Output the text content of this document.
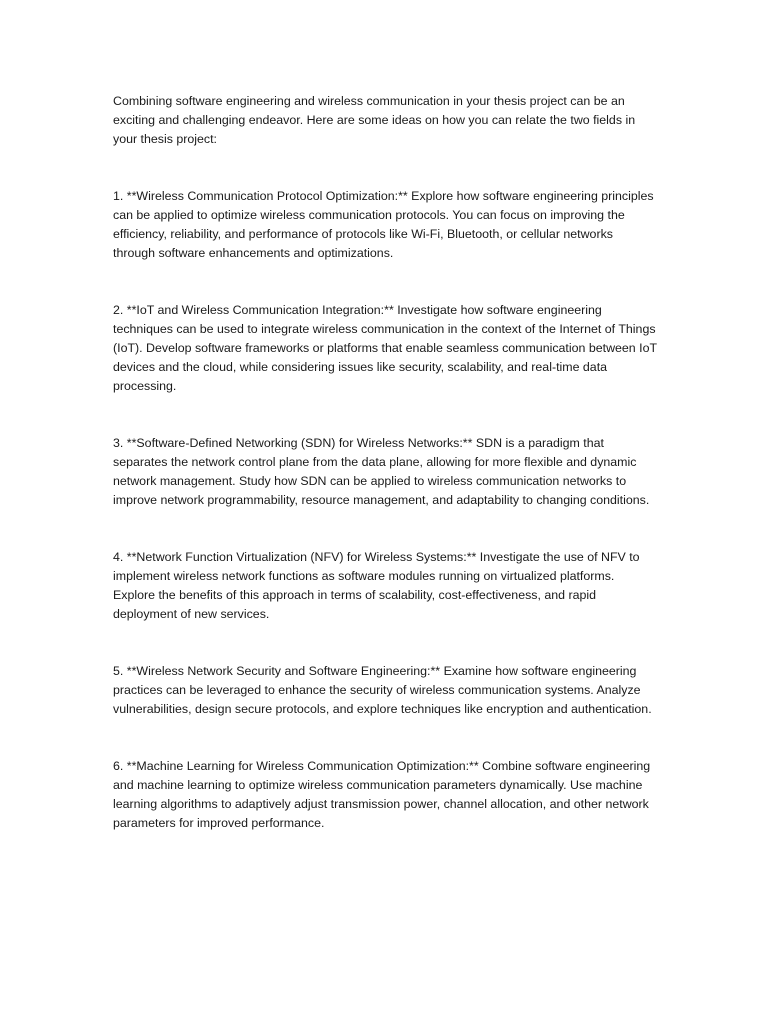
Combining software engineering and wireless communication in your thesis project can be an exciting and challenging endeavor. Here are some ideas on how you can relate the two fields in your thesis project:

1. **Wireless Communication Protocol Optimization:** Explore how software engineering principles can be applied to optimize wireless communication protocols. You can focus on improving the efficiency, reliability, and performance of protocols like Wi-Fi, Bluetooth, or cellular networks through software enhancements and optimizations.

2. **IoT and Wireless Communication Integration:** Investigate how software engineering techniques can be used to integrate wireless communication in the context of the Internet of Things (IoT). Develop software frameworks or platforms that enable seamless communication between IoT devices and the cloud, while considering issues like security, scalability, and real-time data processing.

3. **Software-Defined Networking (SDN) for Wireless Networks:** SDN is a paradigm that separates the network control plane from the data plane, allowing for more flexible and dynamic network management. Study how SDN can be applied to wireless communication networks to improve network programmability, resource management, and adaptability to changing conditions.

4. **Network Function Virtualization (NFV) for Wireless Systems:** Investigate the use of NFV to implement wireless network functions as software modules running on virtualized platforms. Explore the benefits of this approach in terms of scalability, cost-effectiveness, and rapid deployment of new services.

5. **Wireless Network Security and Software Engineering:** Examine how software engineering practices can be leveraged to enhance the security of wireless communication systems. Analyze vulnerabilities, design secure protocols, and explore techniques like encryption and authentication.

6. **Machine Learning for Wireless Communication Optimization:** Combine software engineering and machine learning to optimize wireless communication parameters dynamically. Use machine learning algorithms to adaptively adjust transmission power, channel allocation, and other network parameters for improved performance.
